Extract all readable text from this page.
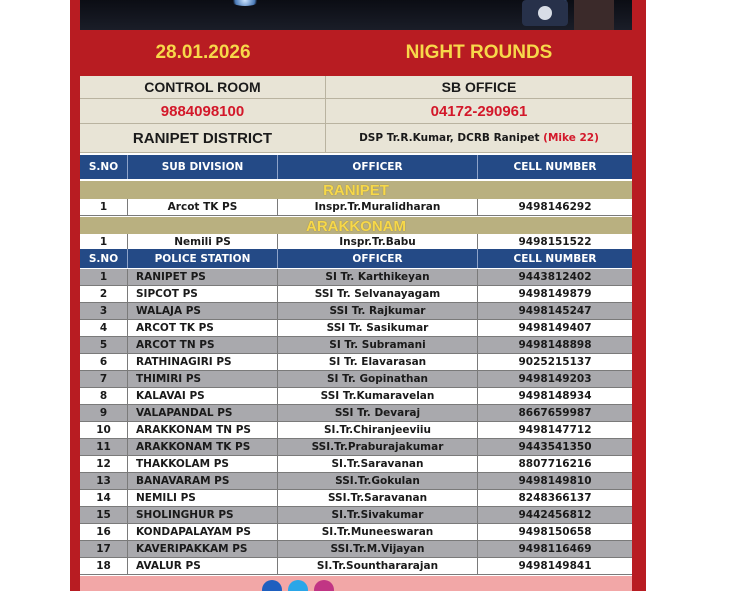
28.01.2026	NIGHT ROUNDS
CONTROL ROOM	SB OFFICE
9884098100	04172-290961
RANIPET DISTRICT	DSP Tr.R.Kumar, DCRB Ranipet
(Mike 22)
S.NO	SUB DIVISION	OFFICER	CELL NUMBER
RANIPET
1	Arcot TK PS	Inspr.Tr.Muralidharan	9498146292
ARAKKONAM
1	Nemili PS	Inspr.Tr.Babu	9498151522
S.NO	POLICE STATION	OFFICER	CELL NUMBER
1	RANIPET PS	SI Tr. Karthikeyan	9443812402
2	SIPCOT PS	SSI Tr. Selvanayagam	9498149879
3	WALAJA PS	SSI Tr. Rajkumar	9498145247
4	ARCOT TK PS	SSI Tr. Sasikumar	9498149407
5	ARCOT TN PS	SI Tr. Subramani	9498148898
6	RATHINAGIRI PS	SI Tr. Elavarasan	9025215137
7	THIMIRI PS	SI Tr. Gopinathan	9498149203
8	KALAVAI PS	SSI Tr.Kumaravelan	9498148934
9	VALAPANDAL PS	SSI Tr. Devaraj	8667659987
10	ARAKKONAM TN PS	SI.Tr.Chiranjeeviiu	9498147712
11	ARAKKONAM TK PS	SSI.Tr.Praburajakumar	9443541350
12	THAKKOLAM PS	SI.Tr.Saravanan	8807716216
13	BANAVARAM PS	SSI.Tr.Gokulan	9498149810
14	NEMILI PS	SSI.Tr.Saravanan	8248366137
15	SHOLINGHUR PS	SI.Tr.Sivakumar	9442456812
16	KONDAPALAYAM PS	SI.Tr.Muneeswaran	9498150658
17	KAVERIPAKKAM PS	SSI.Tr.M.Vijayan	9498116469
18	AVALUR PS	SI.Tr.Sounthararajan	9498149841
